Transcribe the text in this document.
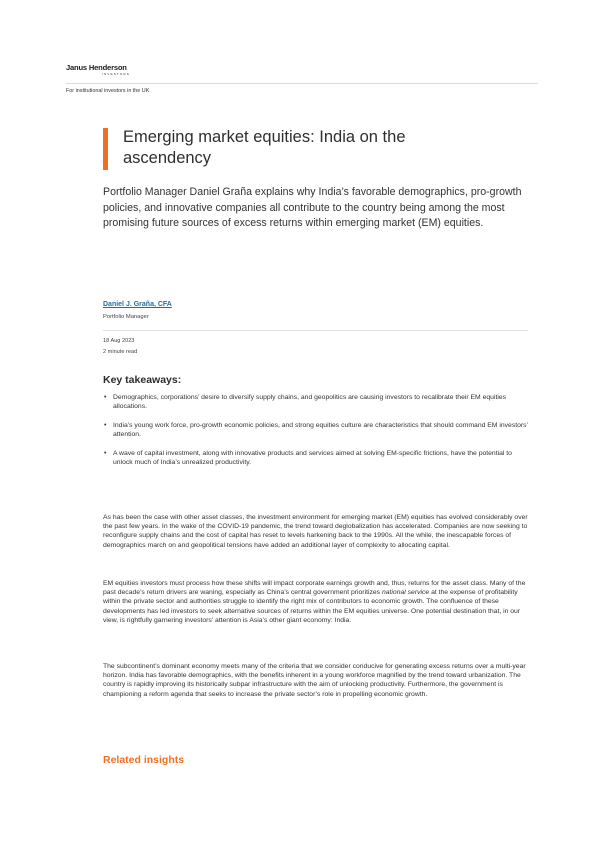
Janus Henderson
INVESTORS
For institutional investors in the UK
Emerging market equities: India on the ascendency

Portfolio Manager Daniel Graña explains why India’s favorable demographics, pro-growth policies, and innovative companies all contribute to the country being among the most promising future sources of excess returns within emerging market (EM) equities.

Daniel J. Graña, CFA
Portfolio Manager
18 Aug 2023
2 minute read
Key takeaways:
• Demographics, corporations’ desire to diversify supply chains, and geopolitics are causing investors to recalibrate their EM equities allocations.
• India’s young work force, pro-growth economic policies, and strong equities culture are characteristics that should command EM investors’ attention.
• A wave of capital investment, along with innovative products and services aimed at solving EM-specific frictions, have the potential to unlock much of India’s unrealized productivity.

As has been the case with other asset classes, the investment environment for emerging market (EM) equities has evolved considerably over the past few years. In the wake of the COVID-19 pandemic, the trend toward deglobalization has accelerated. Companies are now seeking to reconfigure supply chains and the cost of capital has reset to levels harkening back to the 1990s. All the while, the inescapable forces of demographics march on and geopolitical tensions have added an additional layer of complexity to allocating capital.

EM equities investors must process how these shifts will impact corporate earnings growth and, thus, returns for the asset class. Many of the past decade’s return drivers are waning, especially as China’s central government prioritizes national service at the expense of profitability within the private sector and authorities struggle to identify the right mix of contributors to economic growth. The confluence of these developments has led investors to seek alternative sources of returns within the EM equities universe. One potential destination that, in our view, is rightfully garnering investors’ attention is Asia’s other giant economy: India.

The subcontinent’s dominant economy meets many of the criteria that we consider conducive for generating excess returns over a multi-year horizon. India has favorable demographics, with the benefits inherent in a young workforce magnified by the trend toward urbanization. The country is rapidly improving its historically subpar infrastructure with the aim of unlocking productivity. Furthermore, the government is championing a reform agenda that seeks to increase the private sector’s role in propelling economic growth.

Related insights
